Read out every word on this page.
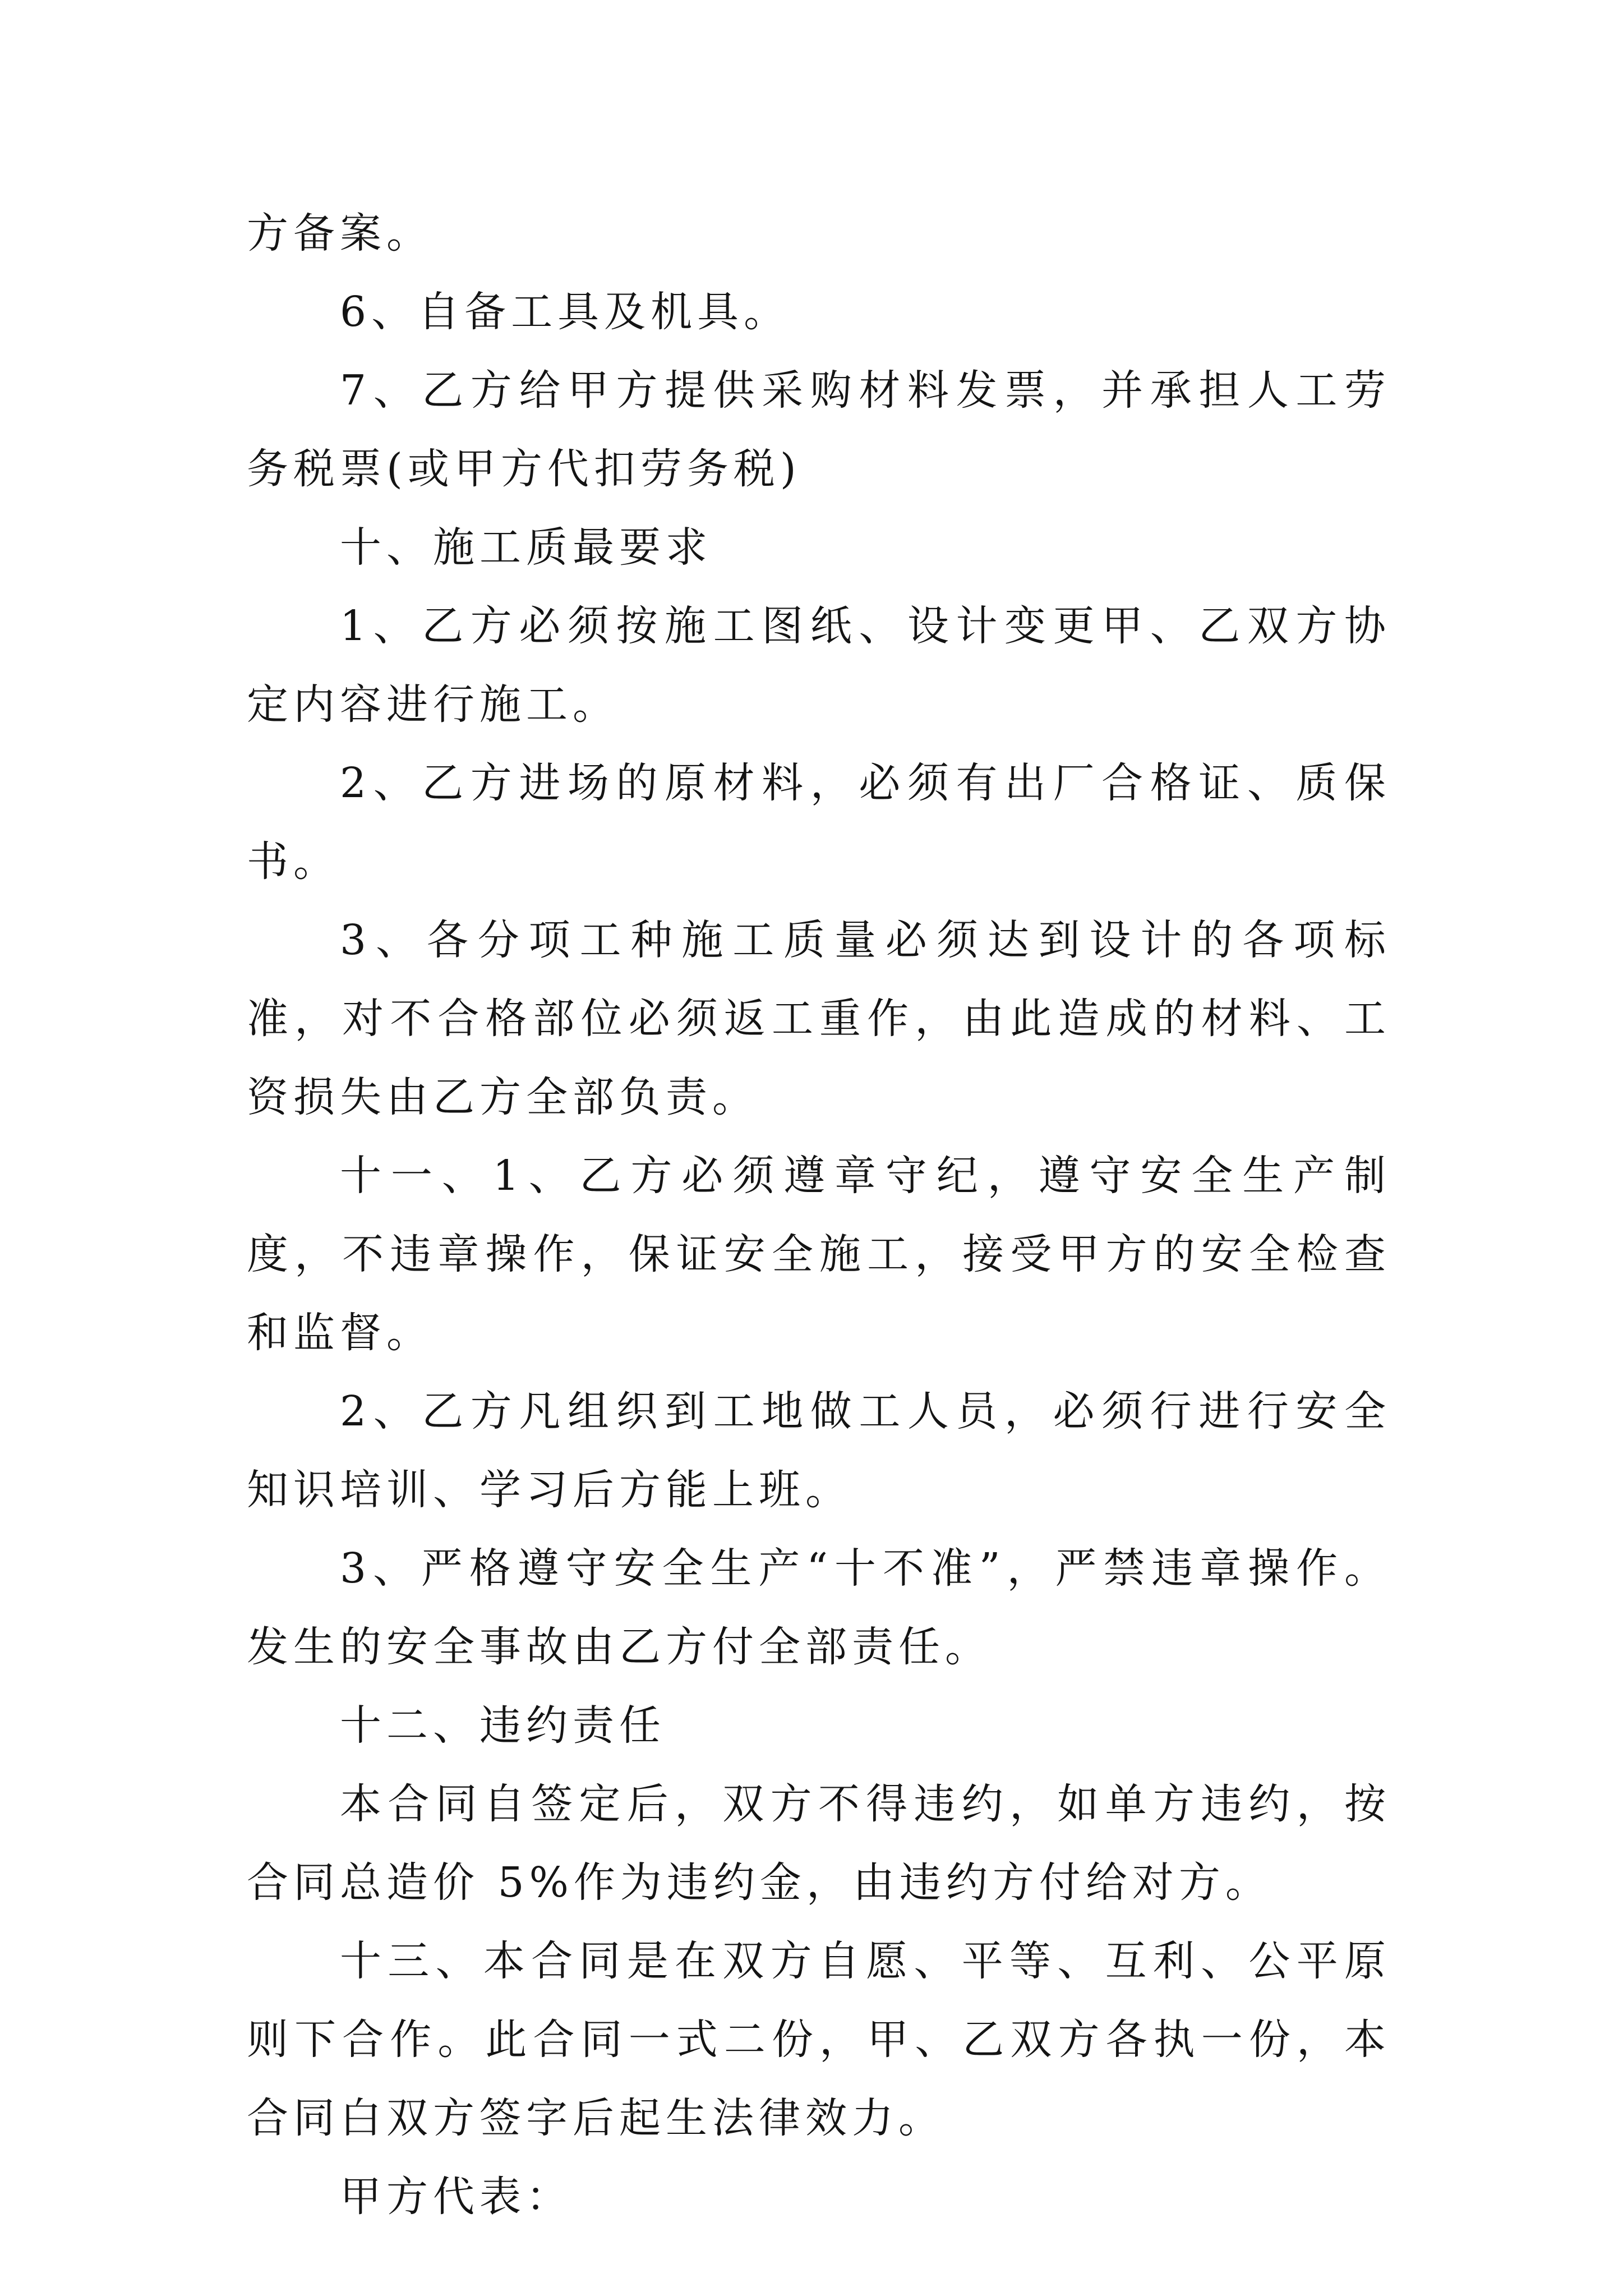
方备案。

6、自备工具及机具。

7、乙方给甲方提供采购材料发票，并承担人工劳务税票(或甲方代扣劳务税)

十、施工质最要求

1、乙方必须按施工图纸、设计变更甲、乙双方协定内容进行施工。

2、乙方进场的原材料，必须有出厂合格证、质保书。

3、各分项工种施工质量必须达到设计的各项标准，对不合格部位必须返工重作，由此造成的材料、工资损失由乙方全部负责。

十一、1、乙方必须遵章守纪，遵守安全生产制度，不违章操作，保证安全施工，接受甲方的安全检查和监督。

2、乙方凡组织到工地做工人员，必须行进行安全知识培训、学习后方能上班。

3、严格遵守安全生产“十不准”，严禁违章操作。发生的安全事故由乙方付全部责任。

十二、违约责任

本合同自签定后，双方不得违约，如单方违约，按合同总造价 5%作为违约金，由违约方付给对方。

十三、本合同是在双方自愿、平等、互利、公平原则下合作。此合同一式二份，甲、乙双方各执一份，本合同白双方签字后起生法律效力。

甲方代表：
